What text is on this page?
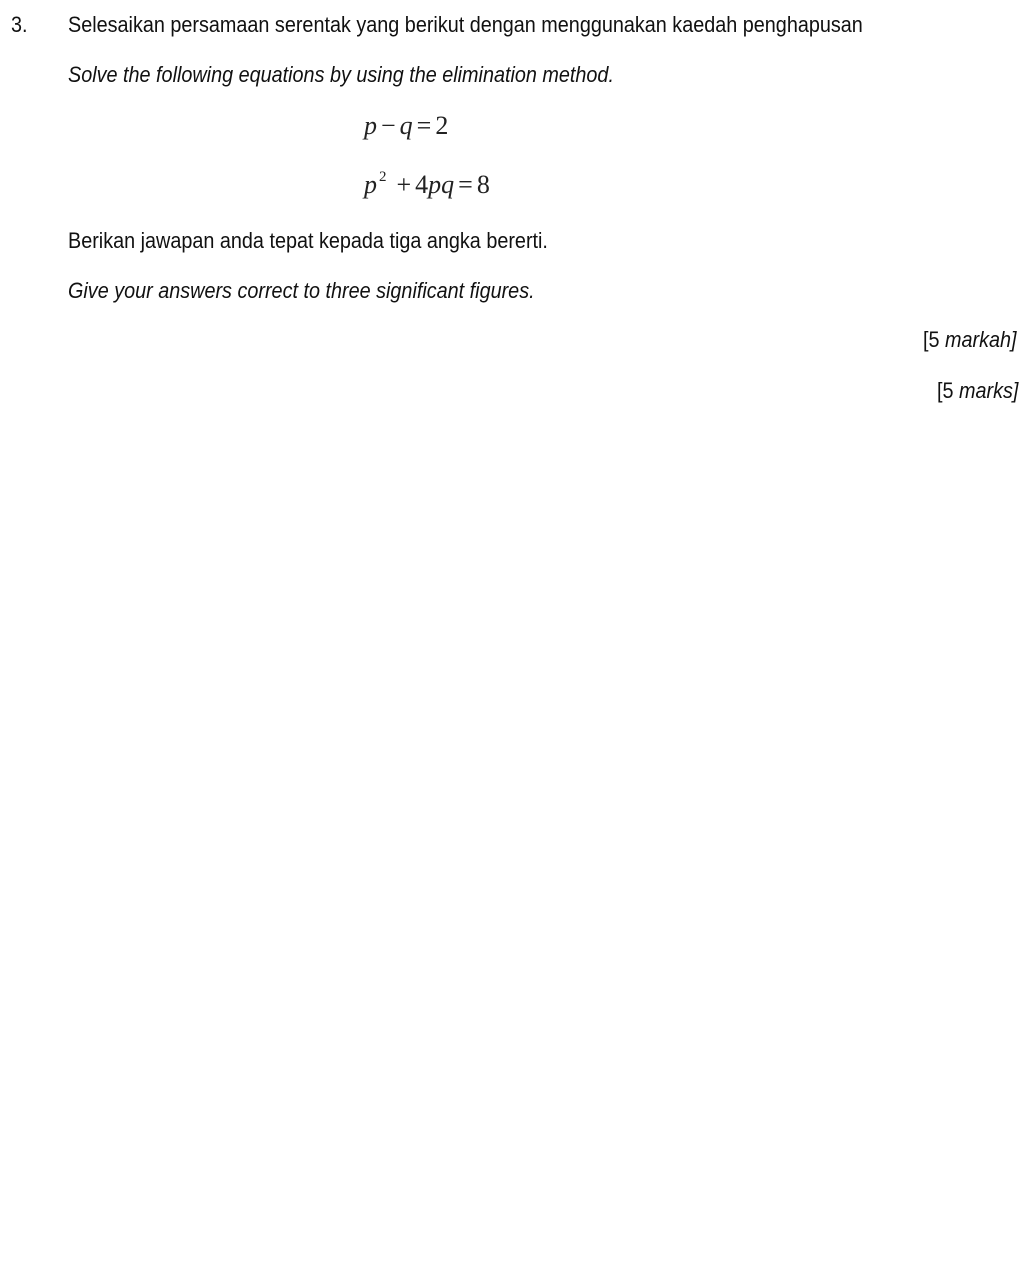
3. Selesaikan persamaan serentak yang berikut dengan menggunakan kaedah penghapusan
Solve the following equations by using the elimination method.
p − q = 2
p $^2$ + 4pq = 8
Berikan jawapan anda tepat kepada tiga angka bererti.
Give your answers correct to three significant figures.
[5 markah]
[5 marks]
